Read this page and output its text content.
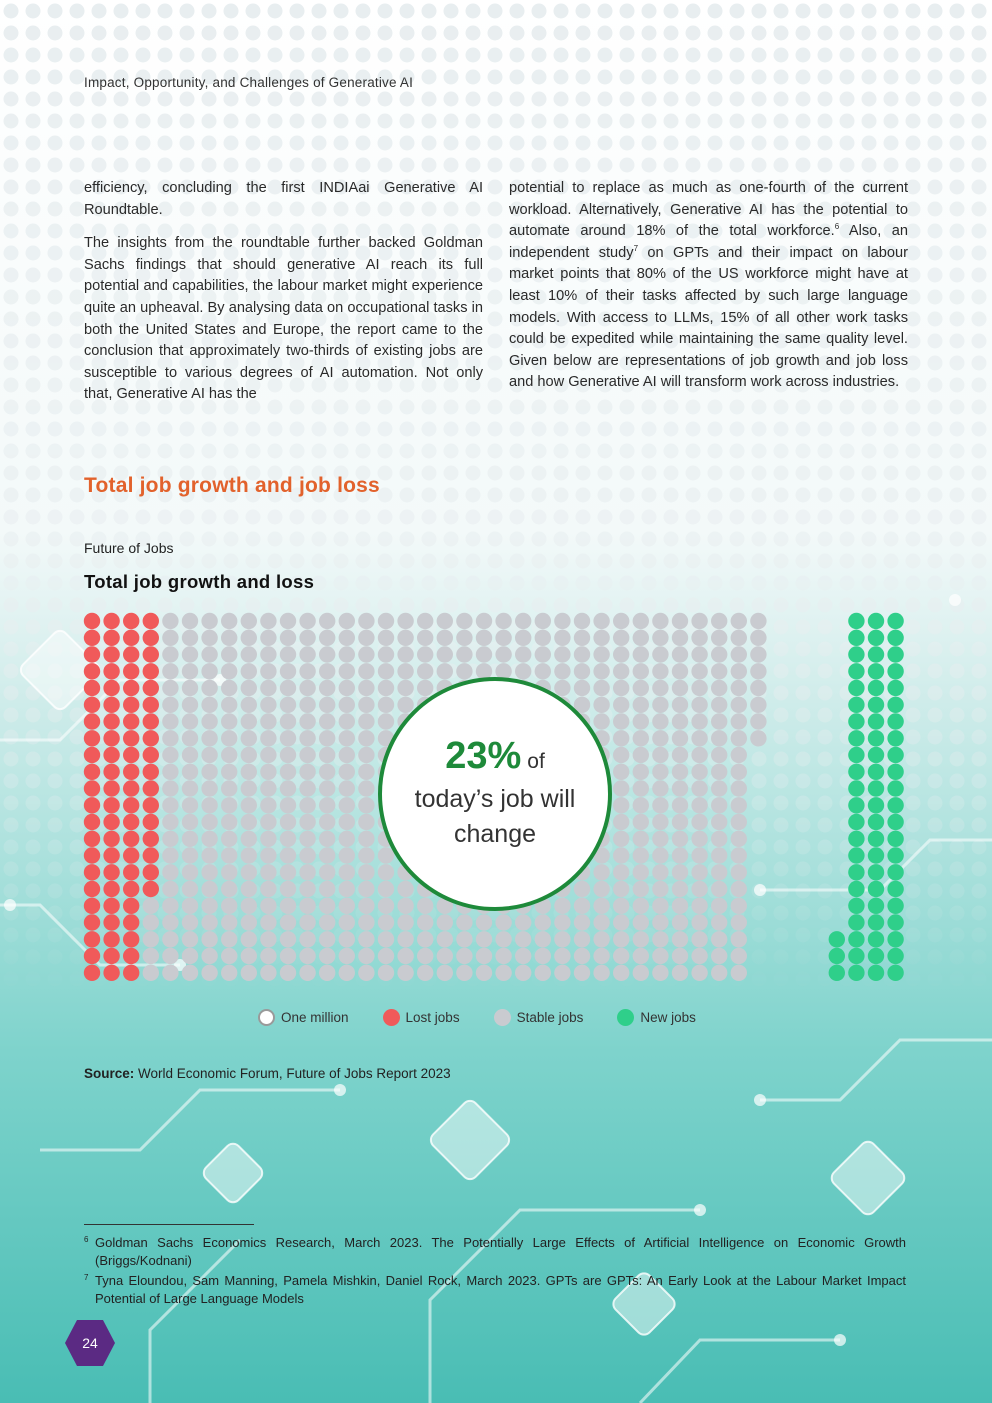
Impact, Opportunity, and Challenges of Generative AI

efficiency, concluding the first INDIAai Generative AI Roundtable.

The insights from the roundtable further backed Goldman Sachs findings that should generative AI reach its full potential and capabilities, the labour market might experience quite an upheaval. By analysing data on occupational tasks in both the United States and Europe, the report came to the conclusion that approximately two-thirds of existing jobs are susceptible to various degrees of AI automation. Not only that, Generative AI has the

potential to replace as much as one-fourth of the current workload. Alternatively, Generative AI has the potential to automate around 18% of the total workforce.$^6$ Also, an independent study$^7$ on GPTs and their impact on labour market points that 80% of the US workforce might have at least 10% of their tasks affected by such large language models. With access to LLMs, 15% of all other work tasks could be expedited while maintaining the same quality level. Given below are representations of job growth and job loss and how Generative AI will transform work across industries.

Total job growth and job loss
Future of Jobs
Total job growth and loss
23% of
today’s job will
change
One million	Lost jobs	Stable jobs	New jobs
Source: World Economic Forum, Future of Jobs Report 2023
6 Goldman Sachs Economics Research, March 2023. The Potentially Large Effects of Artificial Intelligence on Economic Growth (Briggs/Kodnani)
7 Tyna Eloundou, Sam Manning, Pamela Mishkin, Daniel Rock, March 2023. GPTs are GPTs: An Early Look at the Labour Market Impact Potential of Large Language Models
24
